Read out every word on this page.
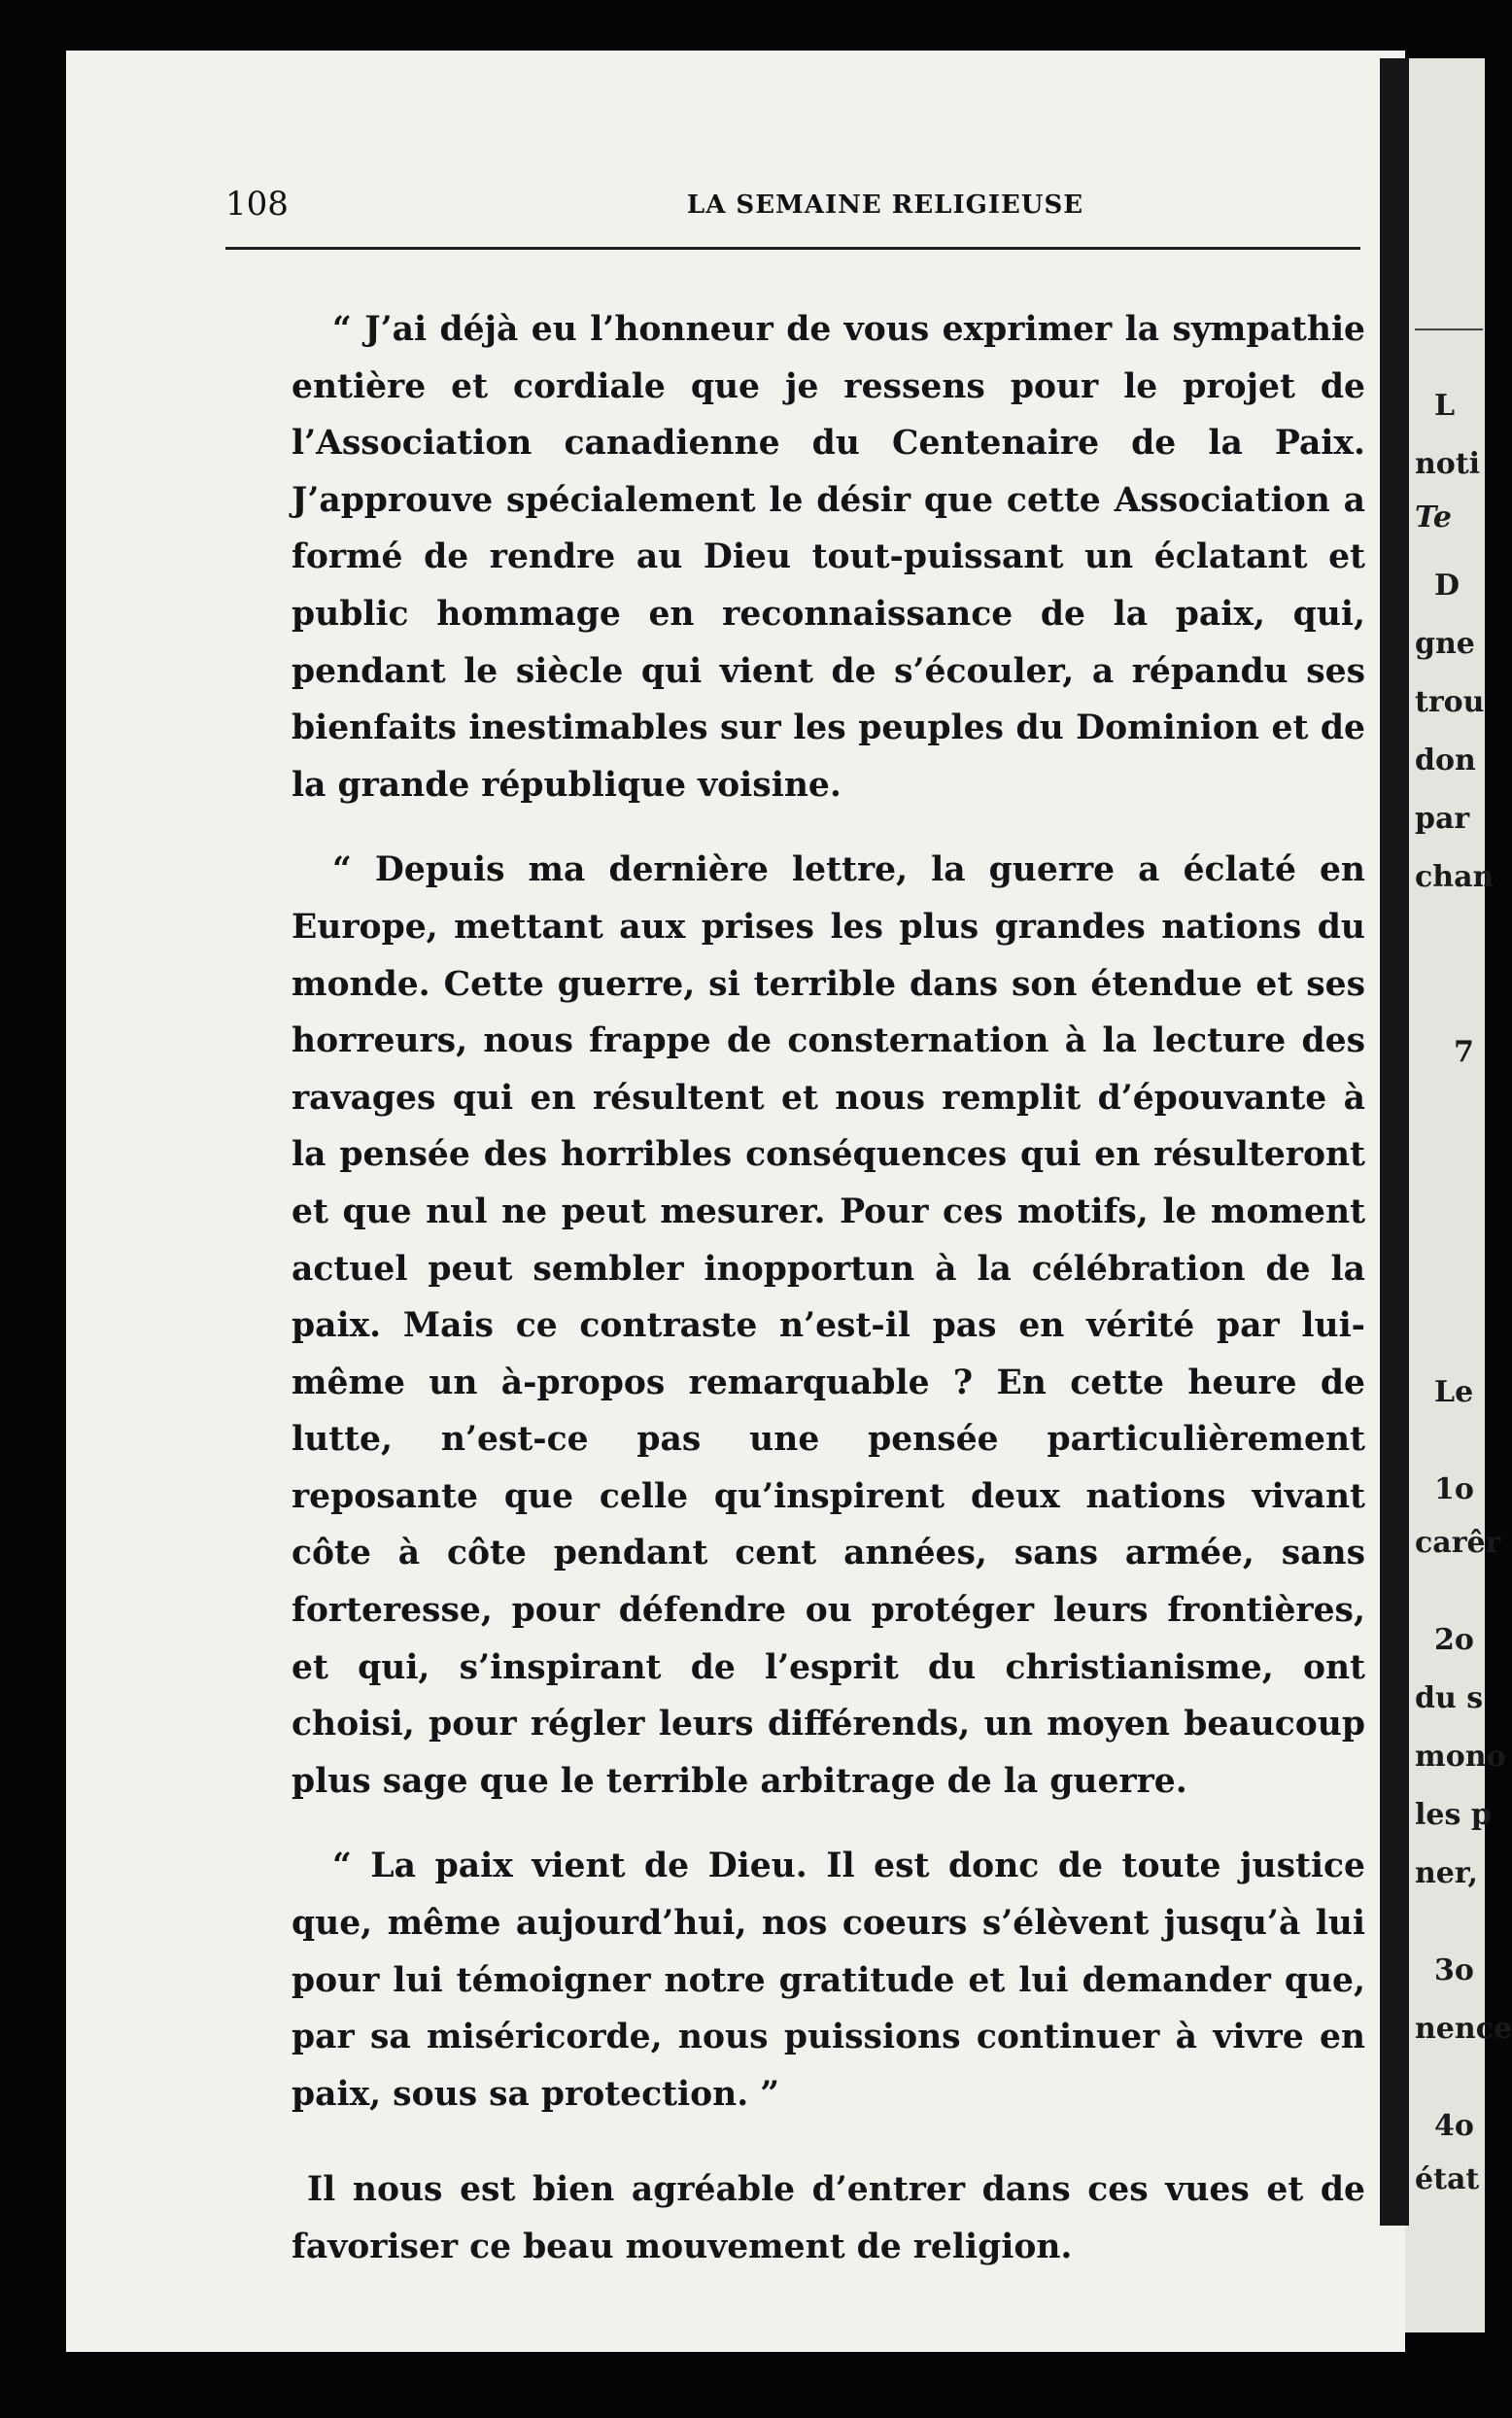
108	LA SEMAINE RELIGIEUSE

“ J’ai déjà eu l’honneur de vous exprimer la sympathie entière et cordiale que je ressens pour le projet de l’Association canadienne du Centenaire de la Paix. J’approuve spécialement le désir que cette Association a formé de rendre au Dieu tout-puissant un éclatant et public hommage en reconnaissance de la paix, qui, pendant le siècle qui vient de s’écouler, a répandu ses bienfaits inestimables sur les peuples du Dominion et de la grande république voisine.

“ Depuis ma dernière lettre, la guerre a éclaté en Europe, mettant aux prises les plus grandes nations du monde. Cette guerre, si terrible dans son étendue et ses horreurs, nous frappe de consternation à la lecture des ravages qui en résultent et nous remplit d’épouvante à la pensée des horribles conséquences qui en résulteront et que nul ne peut mesurer. Pour ces motifs, le moment actuel peut sembler inopportun à la célébration de la paix. Mais ce contraste n’est-il pas en vérité par lui-même un à-propos remarquable ? En cette heure de lutte, n’est-ce pas une pensée particulièrement reposante que celle qu’inspirent deux nations vivant côte à côte pendant cent années, sans armée, sans forteresse, pour défendre ou protéger leurs frontières, et qui, s’inspirant de l’esprit du christianisme, ont choisi, pour régler leurs différends, un moyen beaucoup plus sage que le terrible arbitrage de la guerre.

“ La paix vient de Dieu. Il est donc de toute justice que, même aujourd’hui, nos coeurs s’élèvent jusqu’à lui pour lui témoigner notre gratitude et lui demander que, par sa miséricorde, nous puissions continuer à vivre en paix, sous sa protection. ”

Il nous est bien agréable d’entrer dans ces vues et de favoriser ce beau mouvement de religion.

L
noti
Te
D
gne
trou
don
par
chan
7
Le
1o
carêr
2o
du s
mono
les p
ner,
3o
nence
4o
état
